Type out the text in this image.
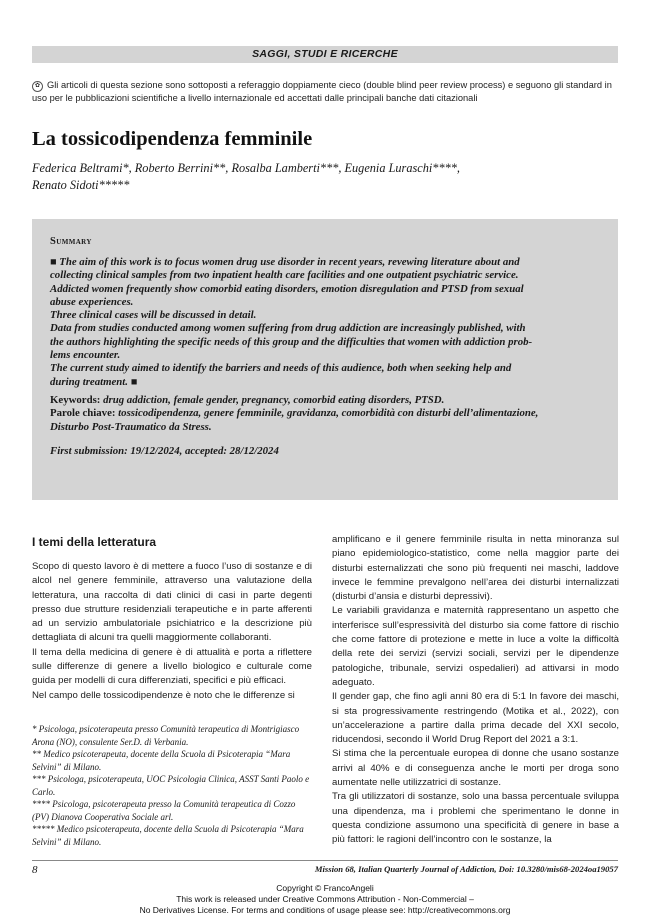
SAGGI, STUDI E RICERCHE
✿ Gli articoli di questa sezione sono sottoposti a referaggio doppiamente cieco (double blind peer review process) e seguono gli standard in uso per le pubblicazioni scientifiche a livello internazionale ed accettati dalle principali banche dati citazionali
La tossicodipendenza femminile
Federica Beltrami*, Roberto Berrini**, Rosalba Lamberti***, Eugenia Luraschi****,
Renato Sidoti*****

Summary

■ The aim of this work is to focus women drug use disorder in recent years, revewing literature about and
collecting clinical samples from two inpatient health care facilities and one outpatient psychiatric service.
Addicted women frequently show comorbid eating disorders, emotion disregulation and PTSD from sexual
abuse experiences.
Three clinical cases will be discussed in detail.
Data from studies conducted among women suffering from drug addiction are increasingly published, with
the authors highlighting the specific needs of this group and the difficulties that women with addiction prob-
lems encounter.
The current study aimed to identify the barriers and needs of this audience, both when seeking help and
during treatment. ■

Keywords: drug addiction, female gender, pregnancy, comorbid eating disorders, PTSD.
Parole chiave: tossicodipendenza, genere femminile, gravidanza, comorbidità con disturbi dell’alimentazione,
Disturbo Post-Traumatico da Stress.
First submission: 19/12/2024, accepted: 28/12/2024
I temi della letteratura

Scopo di questo lavoro è di mettere a fuoco l’uso di sostanze e di alcol nel genere femminile, attraverso una valutazione della letteratura, una raccolta di dati clinici di casi in parte degenti presso due strutture residenziali terapeutiche e in parte afferenti ad un servizio ambulatoriale psichiatrico e la descrizione più dettagliata di alcuni tra quelli maggiormente collaboranti.

Il tema della medicina di genere è di attualità e porta a riflettere sulle differenze di genere a livello biologico e culturale come guida per modelli di cura differenziati, specifici e più efficaci.

Nel campo delle tossicodipendenze è noto che le differenze si

* Psicologa, psicoterapeuta presso Comunità terapeutica di Montrigiasco Arona (NO), consulente Ser.D. di Verbania.

** Medico psicoterapeuta, docente della Scuola di Psicoterapia “Mara Selvini” di Milano.

*** Psicologa, psicoterapeuta, UOC Psicologia Clinica, ASST Santi Paolo e Carlo.

**** Psicologa, psicoterapeuta presso la Comunità terapeutica di Cozzo (PV) Dianova Cooperativa Sociale arl.

***** Medico psicoterapeuta, docente della Scuola di Psicoterapia “Mara Selvini” di Milano.

amplificano e il genere femminile risulta in netta minoranza sul piano epidemiologico-statistico, come nella maggior parte dei disturbi esternalizzati che sono più frequenti nei maschi, laddove invece le femmine prevalgono nell’area dei disturbi internalizzati (disturbi d’ansia e disturbi depressivi).

Le variabili gravidanza e maternità rappresentano un aspetto che interferisce sull’espressività del disturbo sia come fattore di rischio che come fattore di protezione e mette in luce a volte la difficoltà della rete dei servizi (servizi sociali, servizi per le dipendenze patologiche, tribunale, servizi ospedalieri) ad attivarsi in modo adeguato.

Il gender gap, che fino agli anni 80 era di 5:1 In favore dei maschi, si sta progressivamente restringendo (Motika et al., 2022), con un’accelerazione a partire dalla prima decade del XXI secolo, riducendosi, secondo il World Drug Report del 2021 a 3:1.

Si stima che la percentuale europea di donne che usano sostanze arrivi al 40% e di conseguenza anche le morti per droga sono aumentate nelle utilizzatrici di sostanze.

Tra gli utilizzatori di sostanze, solo una bassa percentuale sviluppa una dipendenza, ma i problemi che sperimentano le donne in questa condizione assumono una specificità di genere in base a più fattori: le ragioni dell’incontro con le sostanze, la

8	Mission 68, Italian Quarterly Journal of Addiction, Doi: 10.3280/mis68-2024oa19057
Copyright © FrancoAngeli
This work is released under Creative Commons Attribution - Non-Commercial –
No Derivatives License. For terms and conditions of usage please see: http://creativecommons.org
